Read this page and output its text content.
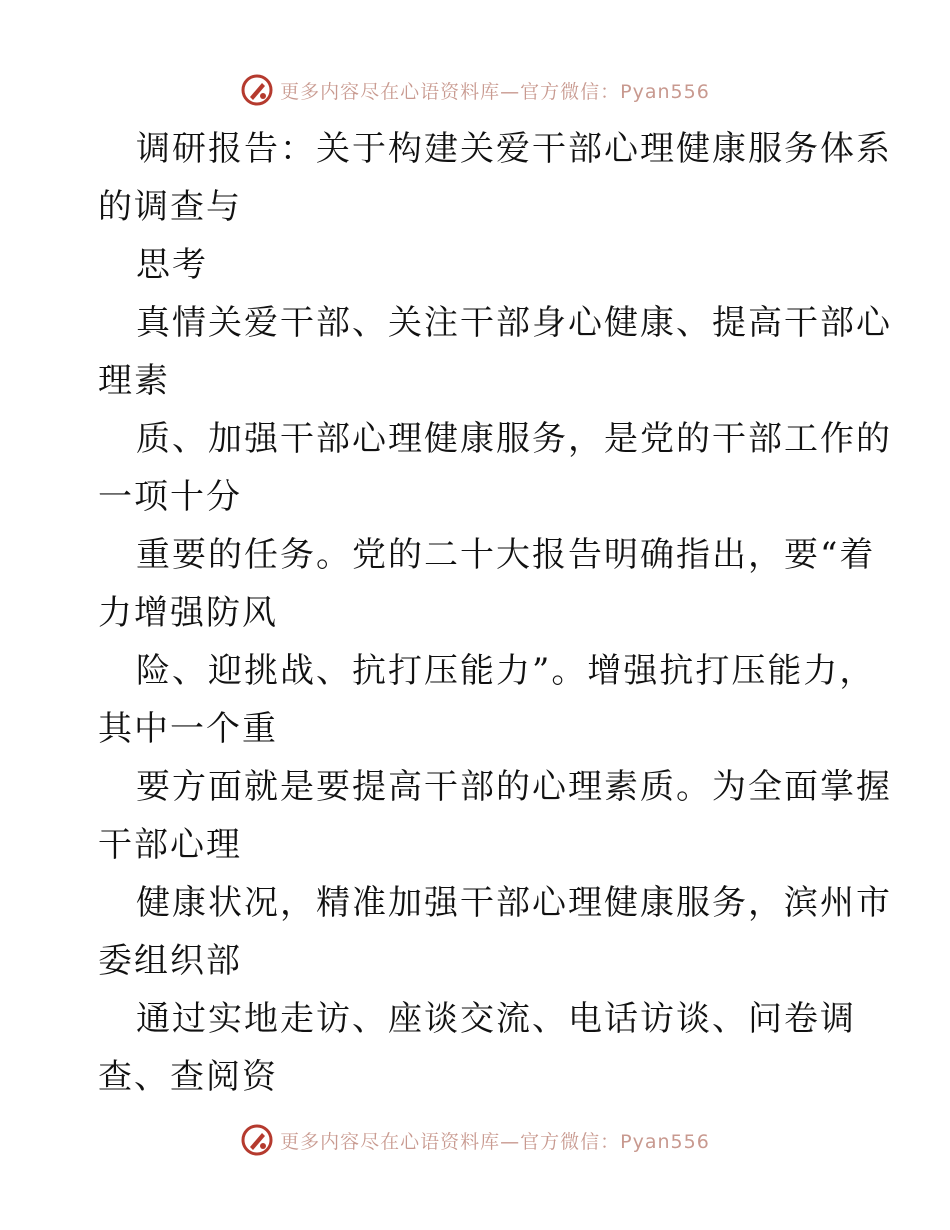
更多内容尽在心语资料库—官方微信：Pyan556

调研报告：关于构建关爱干部心理健康服务体系
的调查与

思考

真情关爱干部、关注干部身心健康、提高干部心
理素

质、加强干部心理健康服务，是党的干部工作的
一项十分

重要的任务。党的二十大报告明确指出，要“着
力增强防风

险、迎挑战、抗打压能力”。增强抗打压能力，
其中一个重

要方面就是要提高干部的心理素质。为全面掌握
干部心理

健康状况，精准加强干部心理健康服务，滨州市
委组织部

通过实地走访、座谈交流、电话访谈、问卷调
查、查阅资

更多内容尽在心语资料库—官方微信：Pyan556
